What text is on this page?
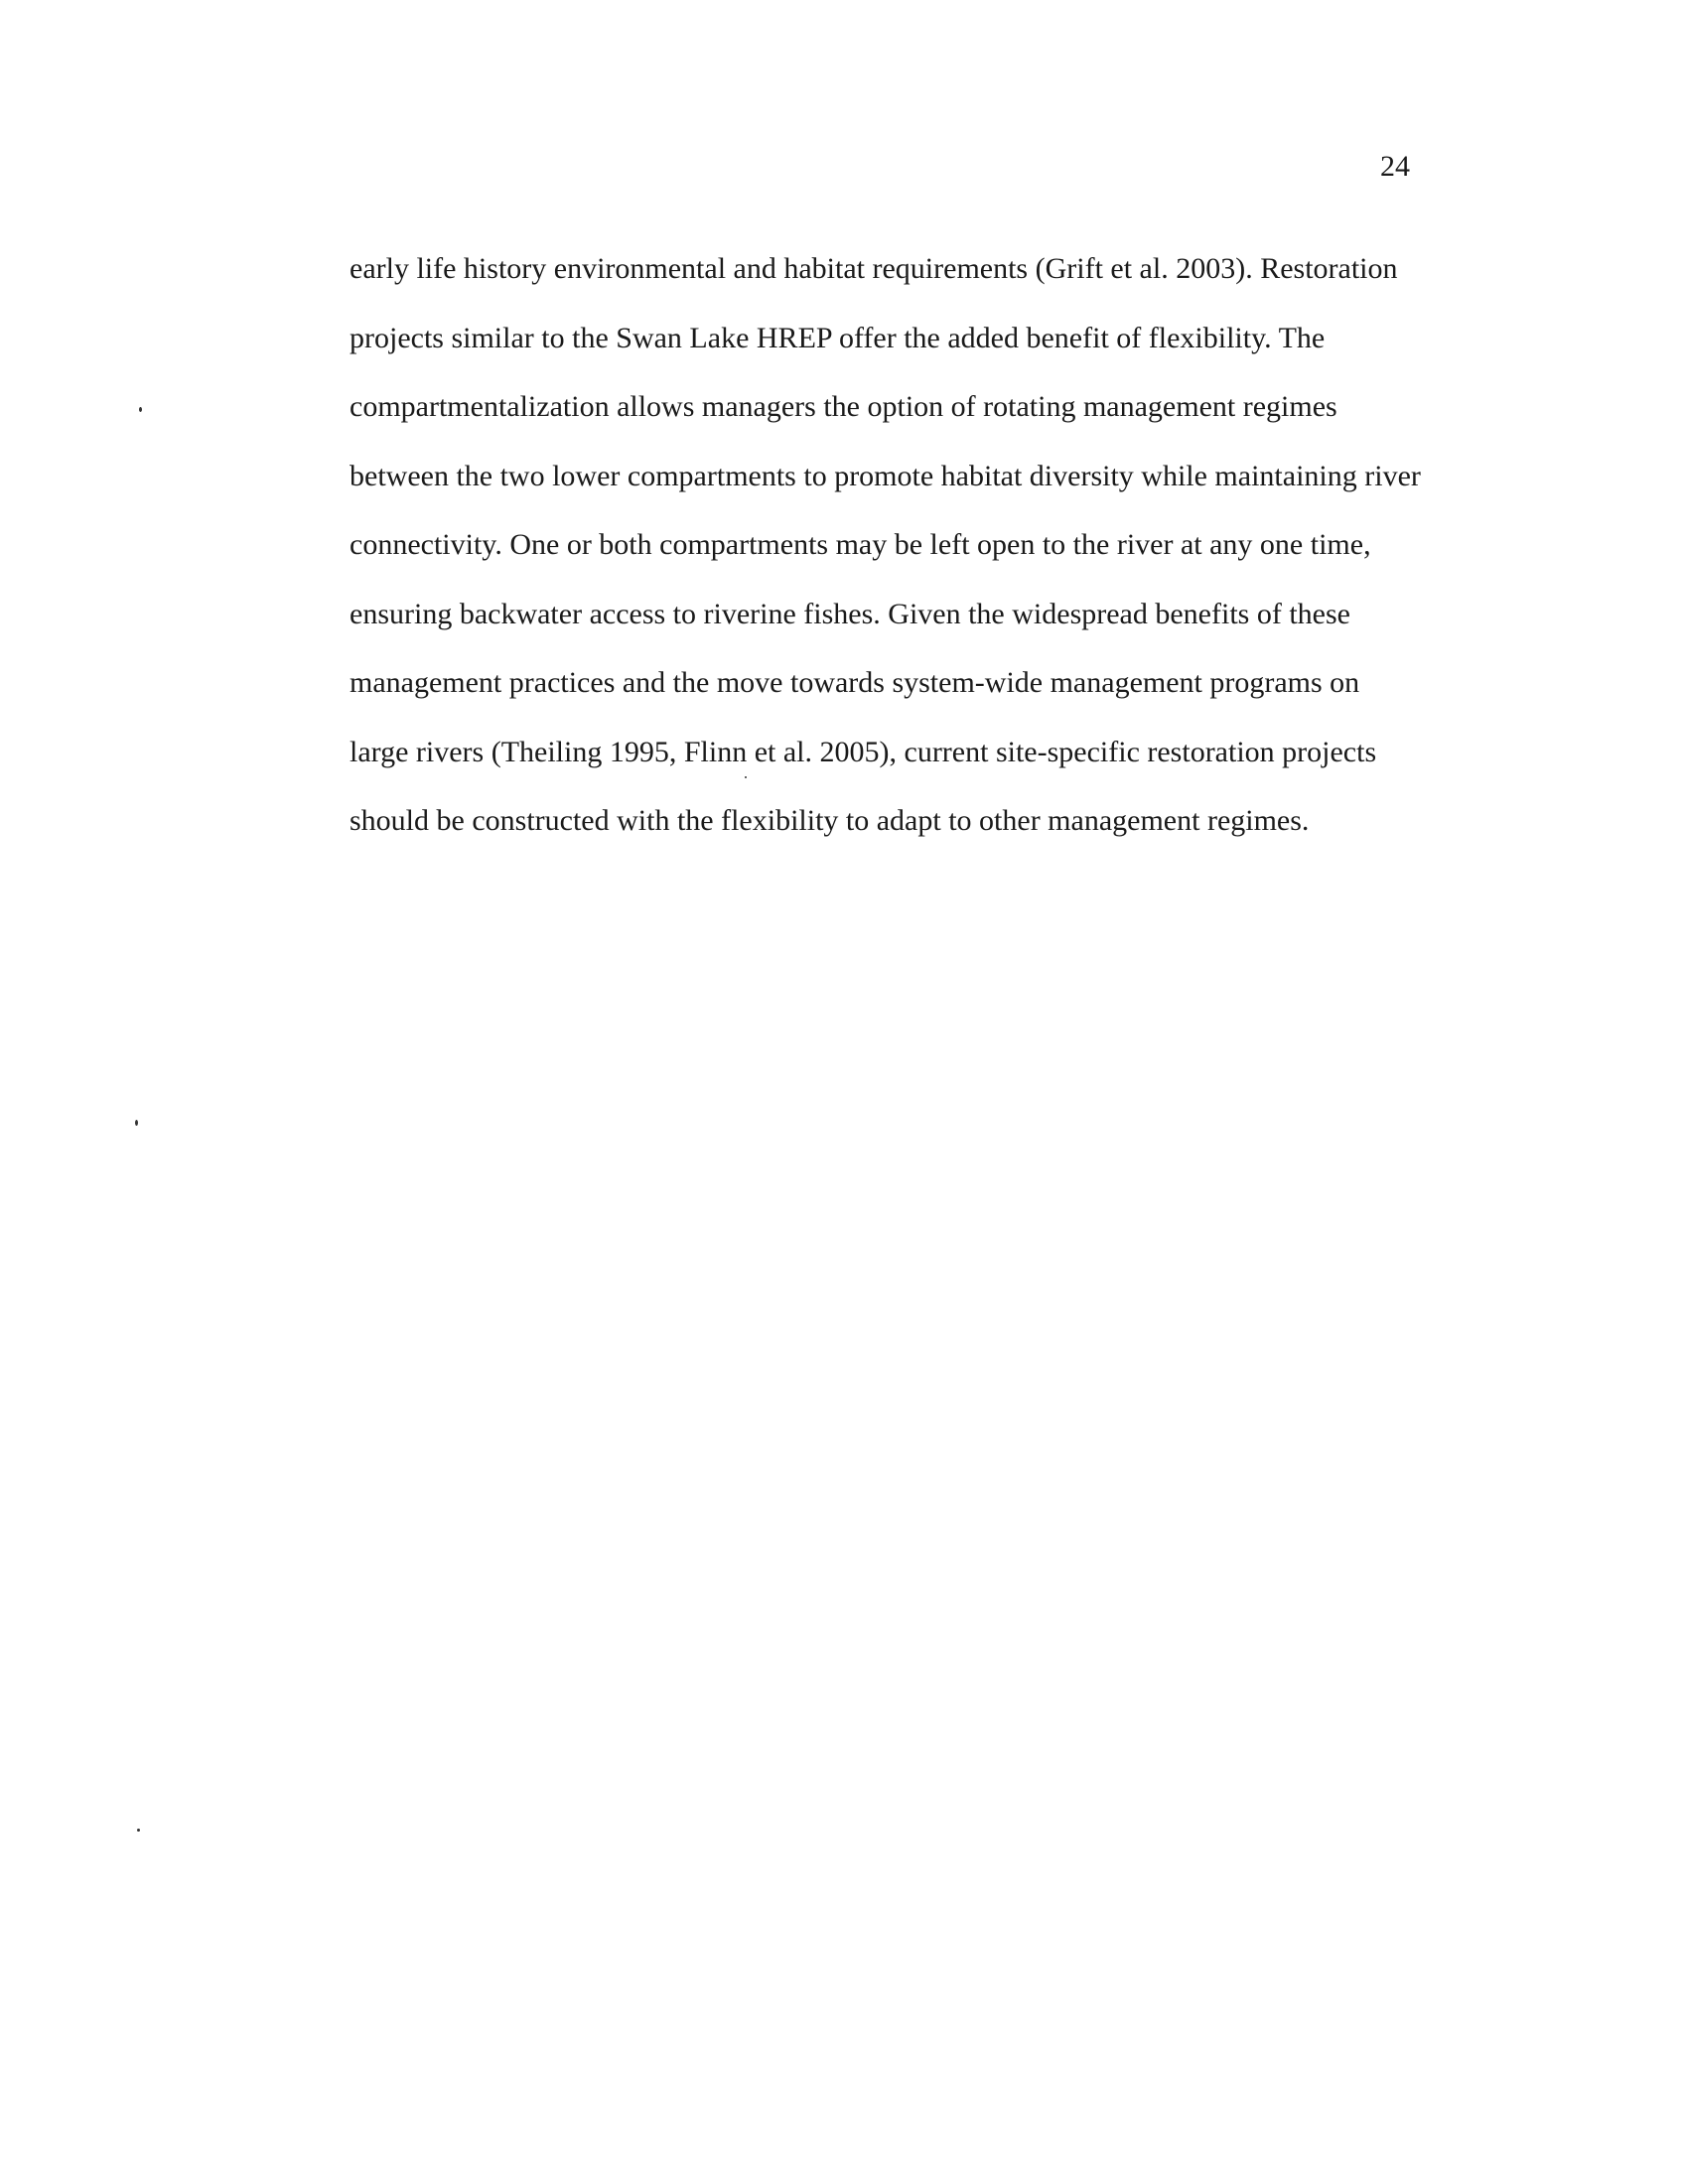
24
early life history environmental and habitat requirements (Grift et al. 2003). Restoration
projects similar to the Swan Lake HREP offer the added benefit of flexibility. The
compartmentalization allows managers the option of rotating management regimes
between the two lower compartments to promote habitat diversity while maintaining river
connectivity. One or both compartments may be left open to the river at any one time,
ensuring backwater access to riverine fishes. Given the widespread benefits of these
management practices and the move towards system-wide management programs on
large rivers (Theiling 1995, Flinn et al. 2005), current site-specific restoration projects
should be constructed with the flexibility to adapt to other management regimes.
